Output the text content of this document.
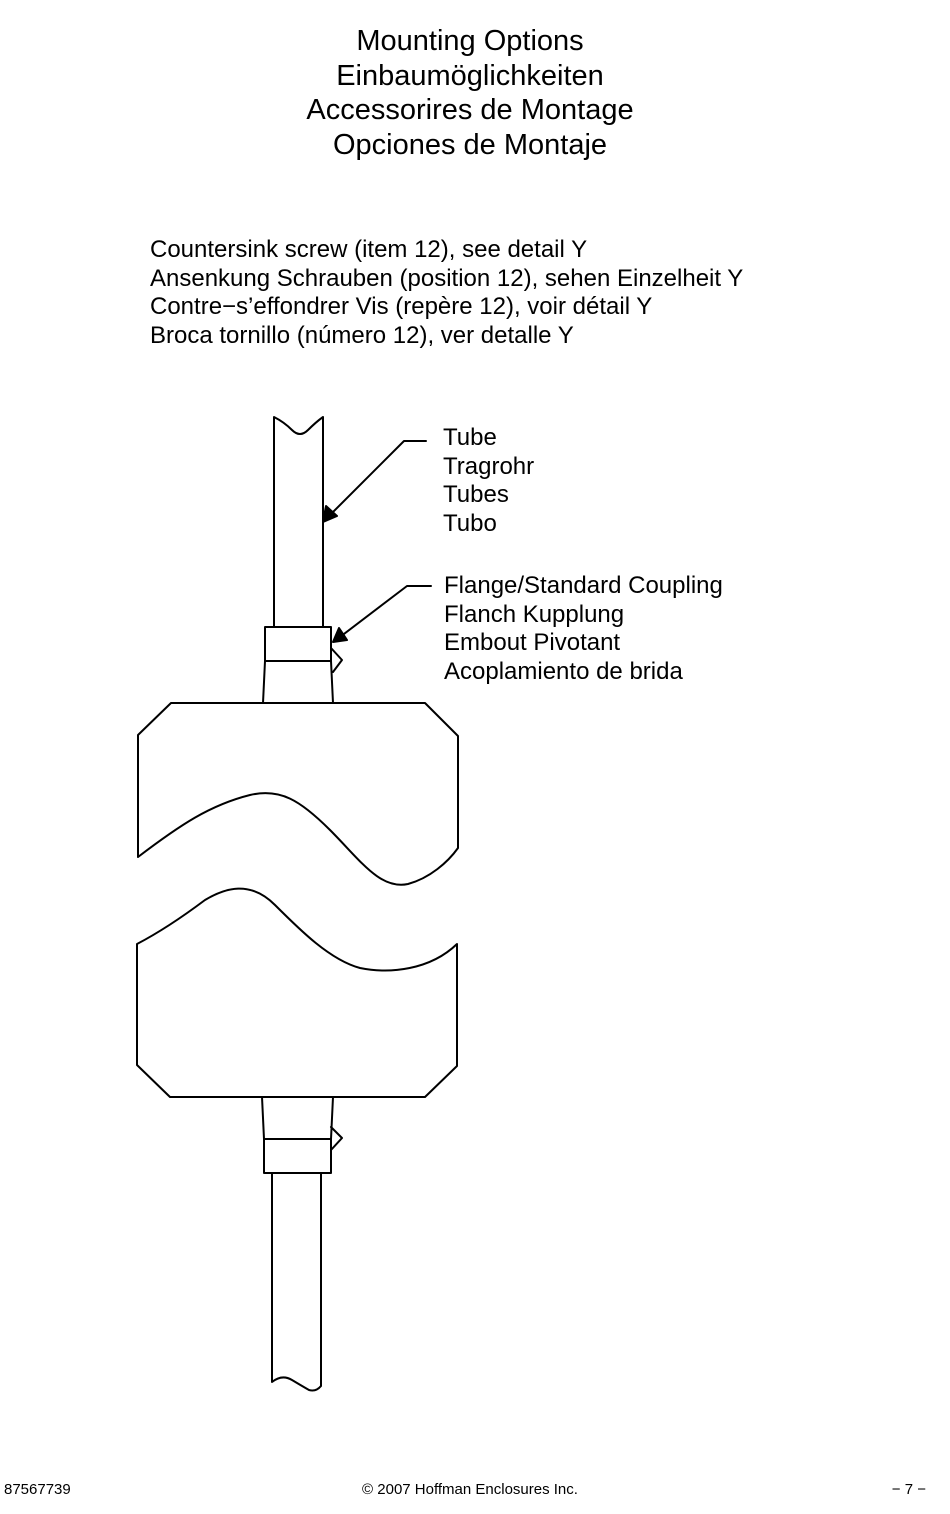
Mounting Options
Einbaumöglichkeiten
Accessorires de Montage
Opciones de Montaje
Countersink screw (item 12), see detail Y
Ansenkung Schrauben (position 12), sehen Einzelheit Y
Contre−s’effondrer Vis (repère 12), voir détail Y
Broca tornillo (número 12), ver detalle Y
Tube
Tragrohr
Tubes
Tubo
Flange/Standard Coupling
Flanch Kupplung
Embout Pivotant
Acoplamiento de brida
87567739	© 2007 Hoffman Enclosures Inc.	− 7 −
